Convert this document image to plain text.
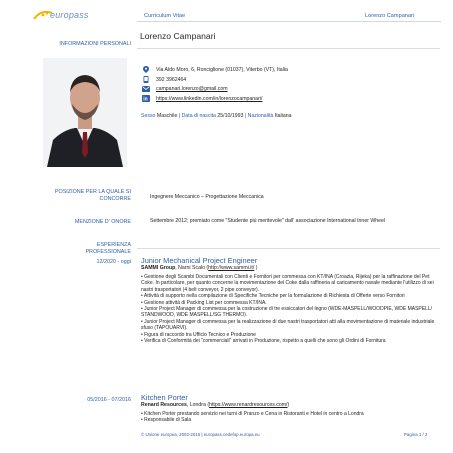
europass	Curriculum Vitae	Lorenzo Campanari
INFORMAZIONI PERSONALI
Lorenzo Campanari
Via Aldo Moro, 6, Ronciglione (01037), Viterbo (VT), Italia
392 3962464
campanari.lorenzo@gmail.com
in https://www.linkedin.com/in/lorenzocampanari/
Sesso Maschile | Data di nascita 25/10/1993 | Nazionalità Italiana
POSIZIONE PER LA QUALE SI
CONCORRE	Ingegnere Meccanico – Progettazione Meccanica
MENZIONE D' ONORE	Settembre 2012; premiato come "Studente più meritevole" dall' associazione International Inner Wheel
ESPERIENZA
PROFESSIONALE
12/2020 - oggi Junior Mechanical Project Engineer
SAMMI Group, Narni Scalo (http://www.sammi.it/ )
• Gestione degli Scambi Documentali con Clienti e Fornitori per commessa con KT/INA (Croazia, Rijeka) per la raffinazione del Pet Coke. In particolare, per quanto concerne la movimentazione del Coke dalla raffineria al caricamento navale mediante l'utilizzo di sei nastri trasportatori (4 belt conveyor, 2 pipe conveyor).
• Attività di supporto nella compilazione di Specifiche Tecniche per la formulazione di Richiesta di Offerte verso Fornitori
• Gestione attività di Packing List per commessa KT/INA.
• Junior Project Manager di commessa per la costruzione di tre essiccatori del legno (WDE-MASPELL/WOODPIE, WDE MASPELL/ STANDWOOD, WDE MASPELL/SG THERMO).
• Junior Project Manager di commessa per la realizzazione di due nastri trasportatori atti alla movimentazione di materiale industriale sfuso (TAPOUARVI).
• Figura di raccordo tra Ufficio Tecnico e Produzione
• Verifica di Conformità dei "commerciali" arrivati in Produzione, rispetto a quelli che sono gli Ordini di Fornitura
05/2016 - 07/2016 Kitchen Porter
Renard Resources, Londra (https://www.renardresources.com/)
• Kitchen Porter prestando servizio nei turni di Pranzo e Cena in Ristoranti e Hotel in centro a Londra
• Responsabile di Sala
© Unione europea, 2002-2015 | europass.cedefop.europa.eu	Pagina 1 / 2
